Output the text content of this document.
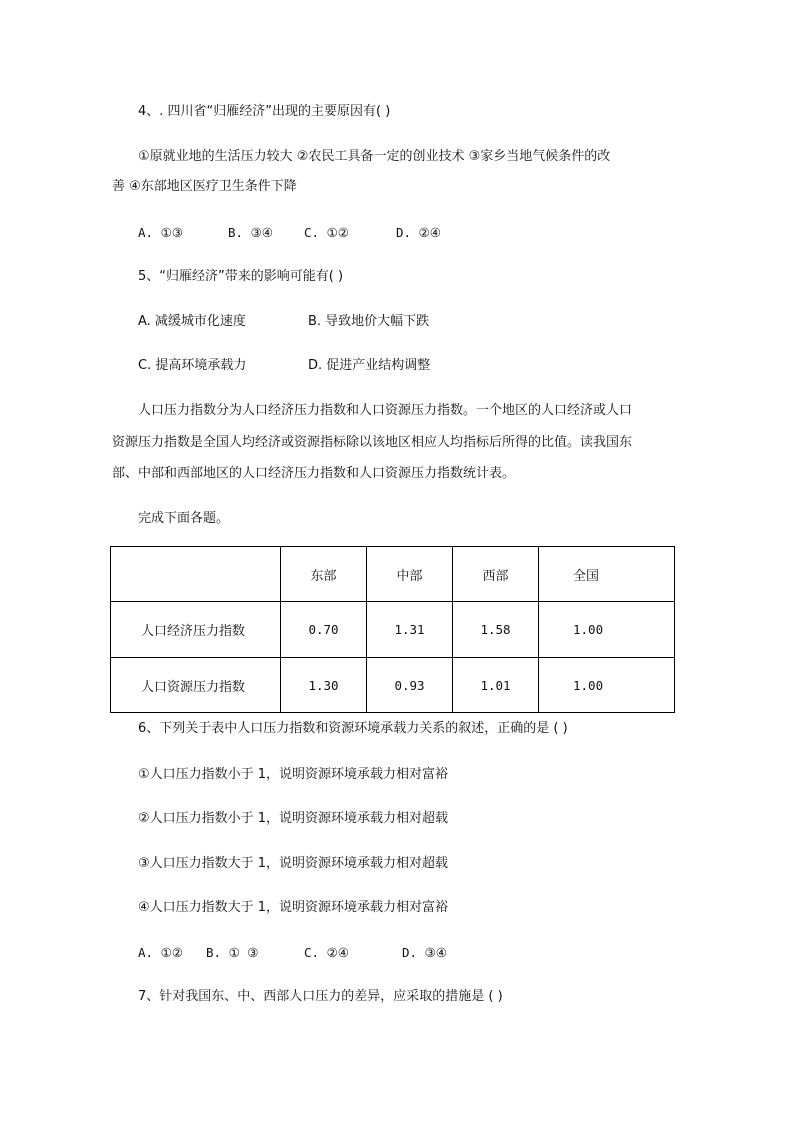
4、. 四川省“归雁经济”出现的主要原因有( )
①原就业地的生活压力较大 ②农民工具备一定的创业技术 ③家乡当地气候条件的改
善 ④东部地区医疗卫生条件下降
A. ①③	B. ③④ C. ①②	D. ②④
5、“归雁经济”带来的影响可能有( )
A. 减缓城市化速度	B. 导致地价大幅下跌
C. 提高环境承载力	D. 促进产业结构调整
人口压力指数分为人口经济压力指数和人口资源压力指数。一个地区的人口经济或人口
资源压力指数是全国人均经济或资源指标除以该地区相应人均指标后所得的比值。读我国东
部、中部和西部地区的人口经济压力指数和人口资源压力指数统计表。
完成下面各题。
	东部	中部	西部	全国
人口经济压力指数	0.70	1.31	1.58	1.00
人口资源压力指数	1.30	0.93	1.01	1.00
6、下列关于表中人口压力指数和资源环境承载力关系的叙述，正确的是 ( )
①人口压力指数小于 1，说明资源环境承载力相对富裕
②人口压力指数小于 1，说明资源环境承载力相对超载
③人口压力指数大于 1，说明资源环境承载力相对超载
④人口压力指数大于 1，说明资源环境承载力相对富裕
A. ①② B. ① ③	C. ②④	D. ③④
7、针对我国东、中、西部人口压力的差异，应采取的措施是 ( )
